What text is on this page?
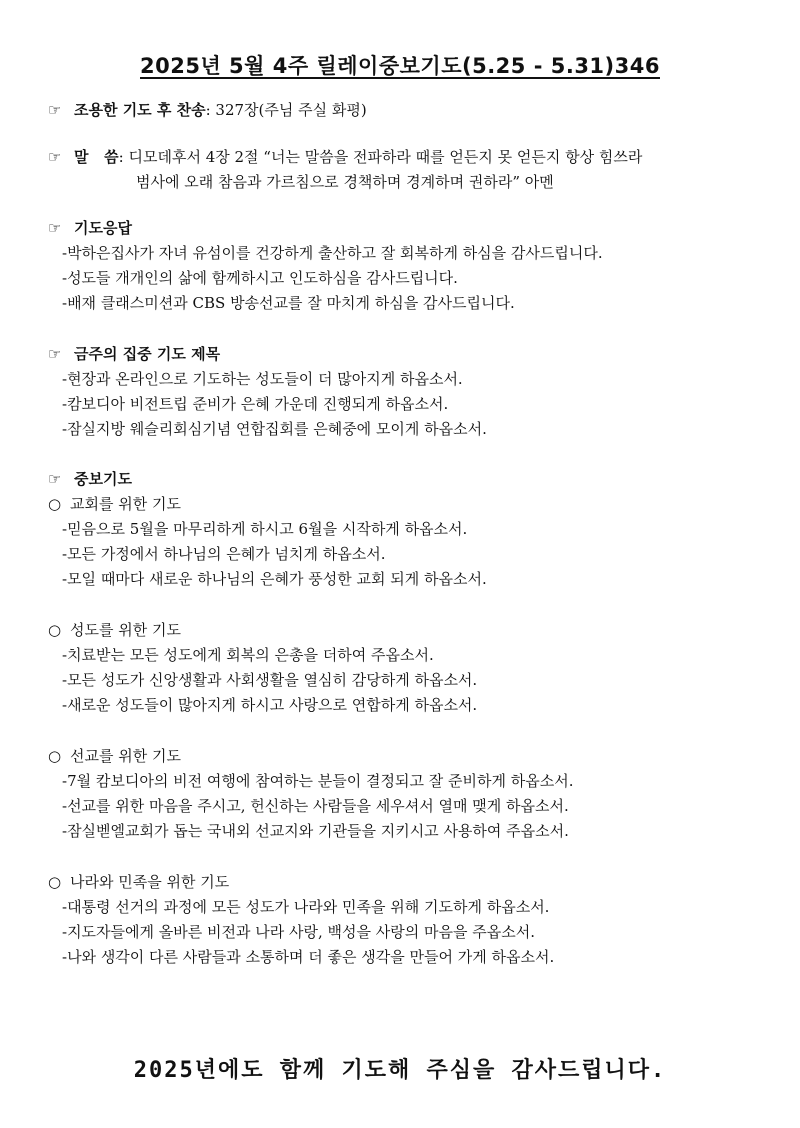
2025년 5월 4주 릴레이중보기도(5.25 - 5.31)346
☞ 조용한 기도 후 찬송: 327장(주님 주실 화평)
☞ 말   씀: 디모데후서 4장 2절 “너는 말씀을 전파하라 때를 얻든지 못 얻든지 항상 힘쓰라
범사에 오래 참음과 가르침으로 경책하며 경계하며 권하라” 아멘
☞ 기도응답
-박하은집사가 자녀 유섬이를 건강하게 출산하고 잘 회복하게 하심을 감사드립니다.
-성도들 개개인의 삶에 함께하시고 인도하심을 감사드립니다.
-배재 클래스미션과 CBS 방송선교를 잘 마치게 하심을 감사드립니다.
☞ 금주의 집중 기도 제목
-현장과 온라인으로 기도하는 성도들이 더 많아지게 하옵소서.
-캄보디아 비전트립 준비가 은혜 가운데 진행되게 하옵소서.
-잠실지방 웨슬리회심기념 연합집회를 은혜중에 모이게 하옵소서.
☞ 중보기도
○ 교회를 위한 기도
-믿음으로 5월을 마무리하게 하시고 6월을 시작하게 하옵소서.
-모든 가정에서 하나님의 은혜가 넘치게 하옵소서.
-모일 때마다 새로운 하나님의 은혜가 풍성한 교회 되게 하옵소서.
○ 성도를 위한 기도
-치료받는 모든 성도에게 회복의 은총을 더하여 주옵소서.
-모든 성도가 신앙생활과 사회생활을 열심히 감당하게 하옵소서.
-새로운 성도들이 많아지게 하시고 사랑으로 연합하게 하옵소서.
○ 선교를 위한 기도
-7월 캄보디아의 비전 여행에 참여하는 분들이 결정되고 잘 준비하게 하옵소서.
-선교를 위한 마음을 주시고, 헌신하는 사람들을 세우셔서 열매 맺게 하옵소서.
-잠실벧엘교회가 돕는 국내외 선교지와 기관들을 지키시고 사용하여 주옵소서.
○ 나라와 민족을 위한 기도
-대통령 선거의 과정에 모든 성도가 나라와 민족을 위해 기도하게 하옵소서.
-지도자들에게 올바른 비전과 나라 사랑, 백성을 사랑의 마음을 주옵소서.
-나와 생각이 다른 사람들과 소통하며 더 좋은 생각을 만들어 가게 하옵소서.
2025년에도 함께 기도해 주심을 감사드립니다.
